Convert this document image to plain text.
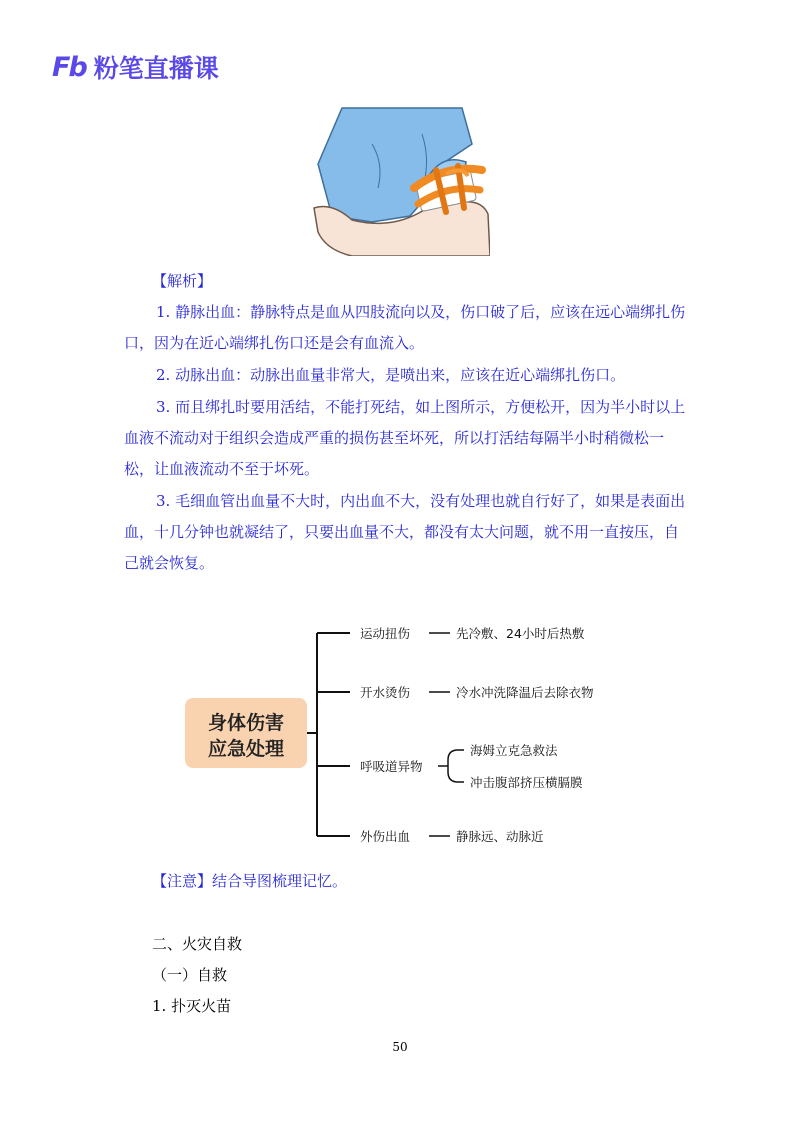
Fb 粉笔直播课

【解析】

1. 静脉出血：静脉特点是血从四肢流向以及，伤口破了后，应该在远心端绑扎伤口，因为在近心端绑扎伤口还是会有血流入。

2. 动脉出血：动脉出血量非常大，是喷出来，应该在近心端绑扎伤口。

3. 而且绑扎时要用活结，不能打死结，如上图所示，方便松开，因为半小时以上血液不流动对于组织会造成严重的损伤甚至坏死，所以打活结每隔半小时稍微松一松，让血液流动不至于坏死。

3. 毛细血管出血量不大时，内出血不大，没有处理也就自行好了，如果是表面出血，十几分钟也就凝结了，只要出血量不大，都没有太大问题，就不用一直按压，自己就会恢复。

身体伤害
应急处理
运动扭伤	先冷敷、24小时后热敷
开水烫伤	冷水冲洗降温后去除衣物
呼吸道异物
海姆立克急救法
冲击腹部挤压横膈膜
外伤出血	静脉远、动脉近

【注意】结合导图梳理记忆。

二、火灾自救

（一）自救

1. 扑灭火苗

50
